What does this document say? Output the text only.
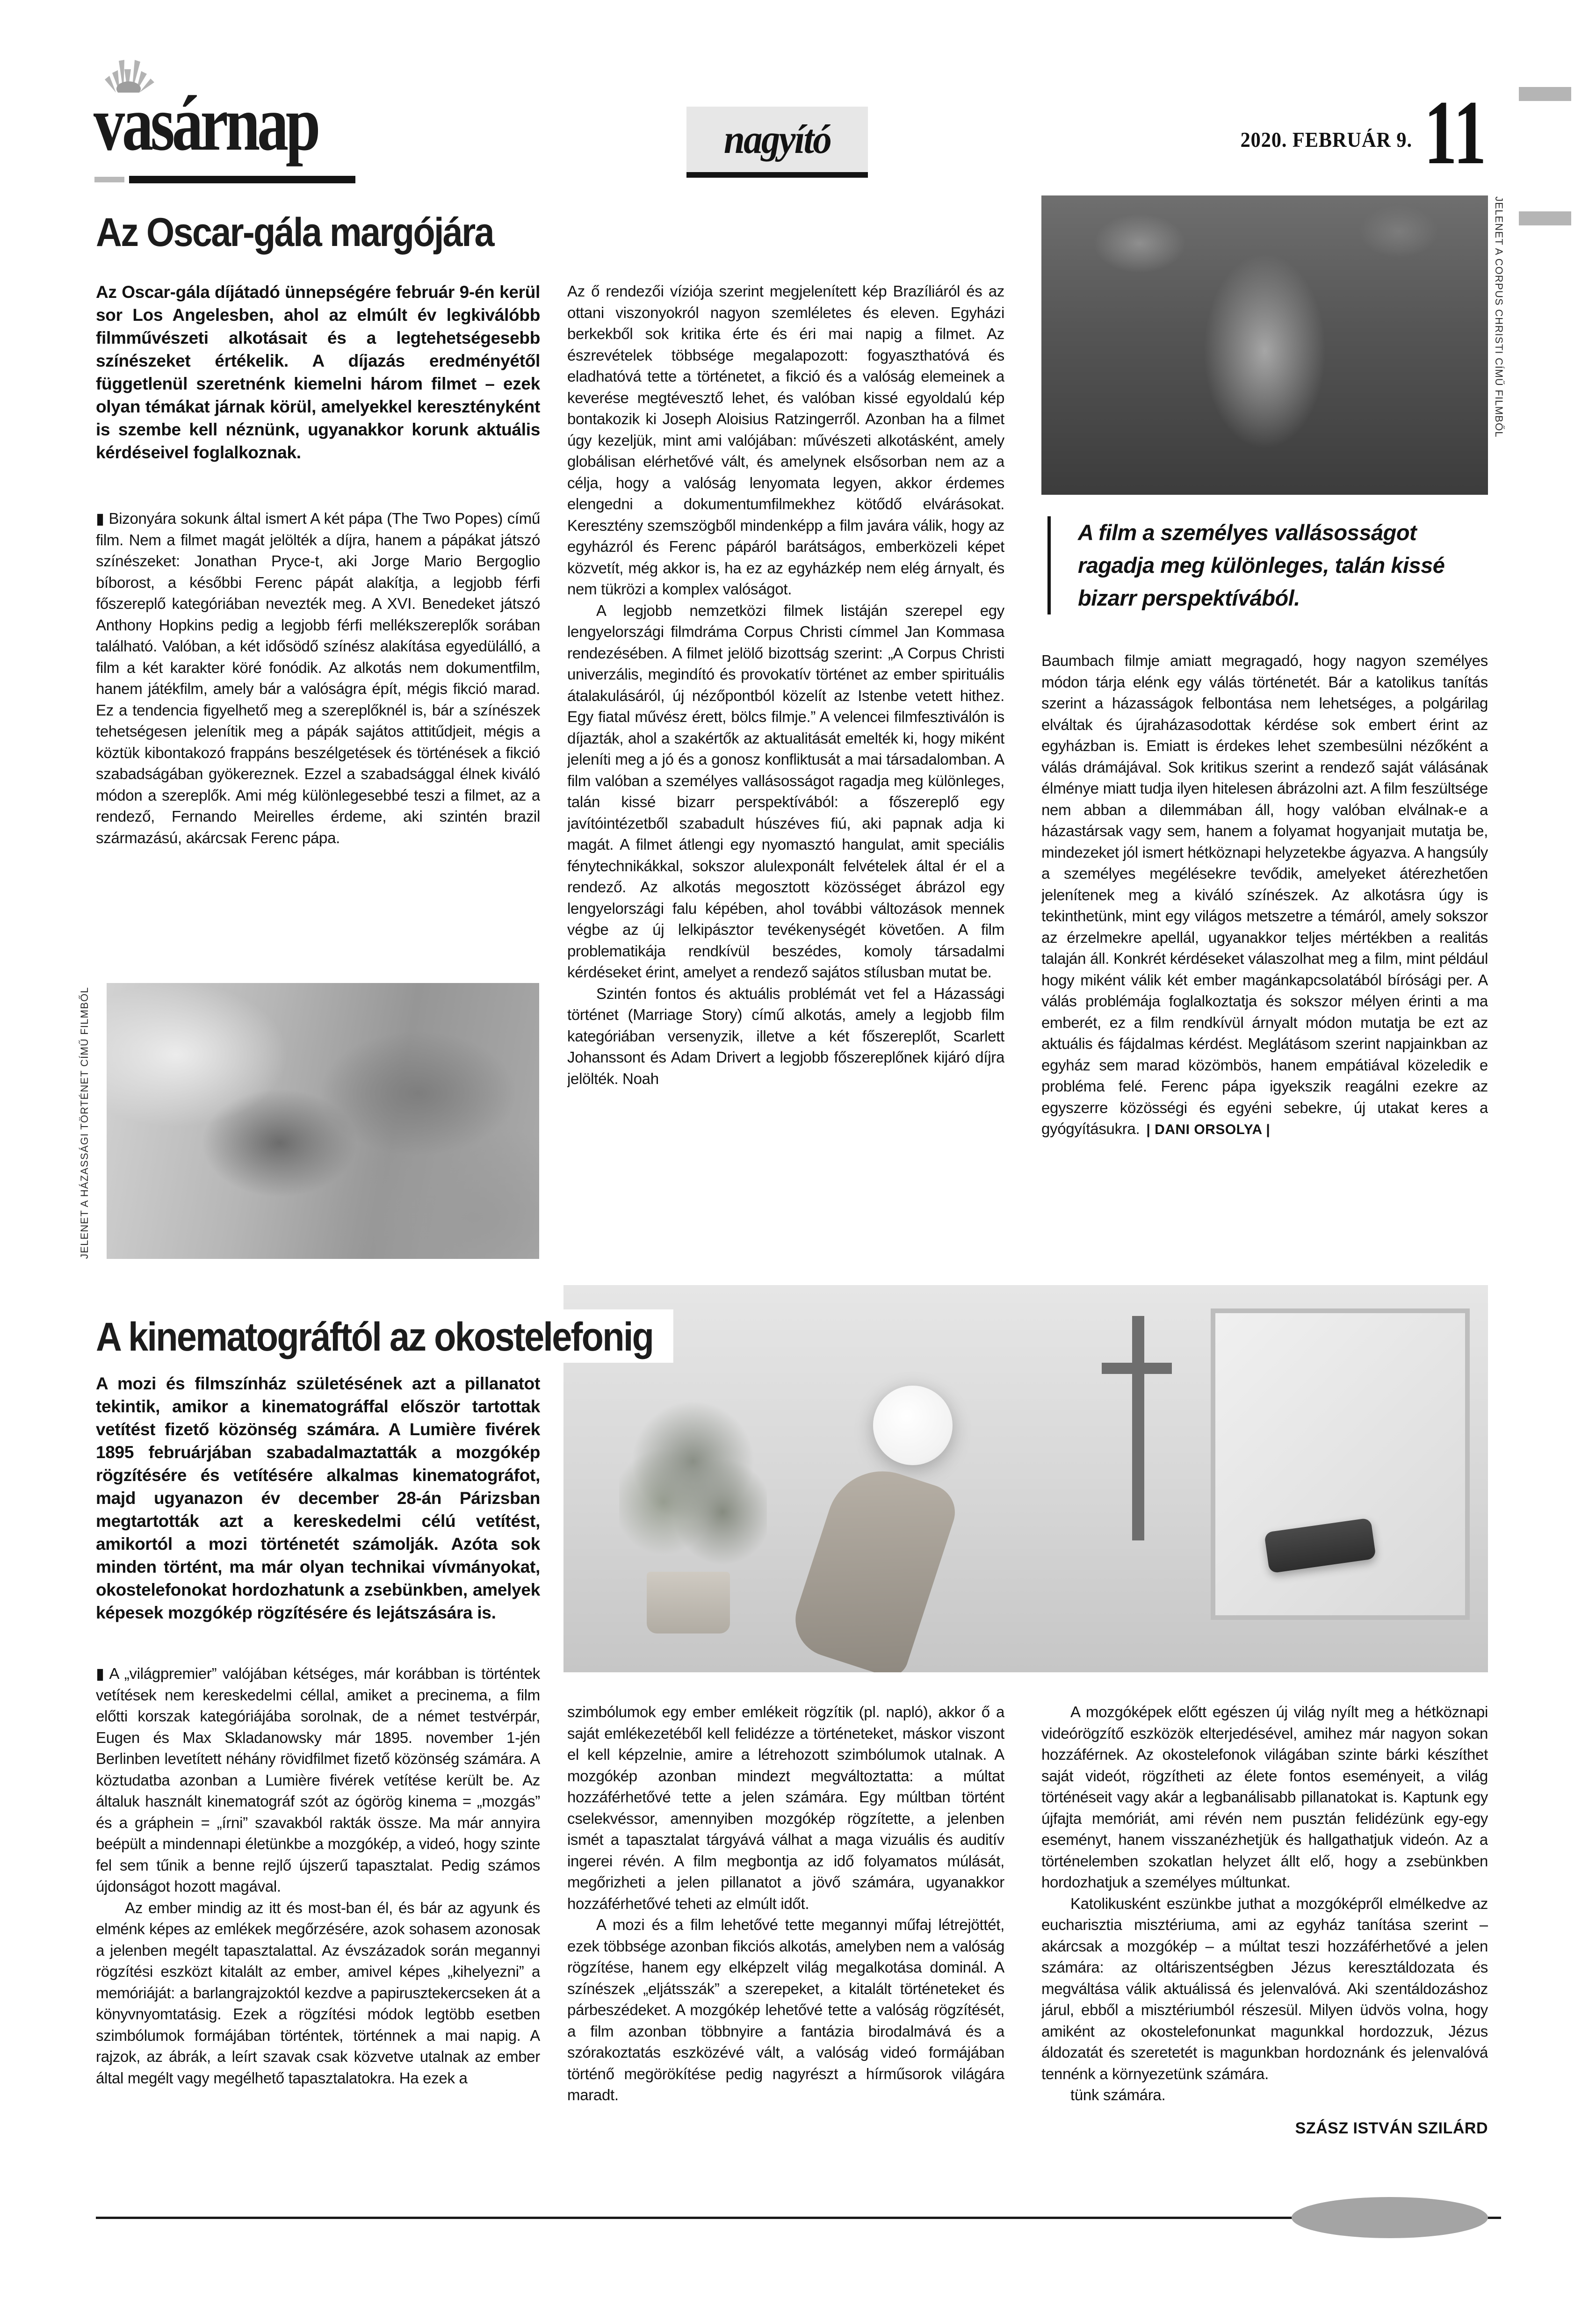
vasárnap	nagyító	2020. FEBRUÁR 9. 11
Az Oscar-gála margójára
Az Oscar-gála díjátadó ünnepségére február 9-én kerül sor Los Angelesben, ahol az elmúlt év legkiválóbb filmművészeti alkotásait és a legtehetségesebb színészeket értékelik. A díjazás eredményétől függetlenül szeretnénk kiemelni három filmet – ezek olyan témákat járnak körül, amelyekkel keresztényként is szembe kell néznünk, ugyanakkor korunk aktuális kérdéseivel foglalkoznak.

▮ Bizonyára sokunk által ismert A két pápa (The Two Popes) című film. Nem a filmet magát jelölték a díjra, hanem a pápákat játszó színészeket: Jonathan Pryce-t, aki Jorge Mario Bergoglio bíborost, a későbbi Ferenc pápát alakítja, a legjobb férfi főszereplő kategóriában nevezték meg. A XVI. Benedeket játszó Anthony Hopkins pedig a legjobb férfi mellékszereplők sorában található. Valóban, a két idősödő színész alakítása egyedülálló, a film a két karakter köré fonódik. Az alkotás nem dokumentfilm, hanem játékfilm, amely bár a valóságra épít, mégis fikció marad. Ez a tendencia figyelhető meg a szereplőknél is, bár a színészek tehetségesen jelenítik meg a pápák sajátos attitűdjeit, mégis a köztük kibontakozó frappáns beszélgetések és történések a fikció szabadságában gyökereznek. Ezzel a szabadsággal élnek kiváló módon a szereplők. Ami még különlegesebbé teszi a filmet, az a rendező, Fernando Meirelles érdeme, aki szintén brazil származású, akárcsak Ferenc pápa.

Az ő rendezői víziója szerint megjelenített kép Brazíliáról és az ottani viszonyokról nagyon szemléletes és eleven. Egyházi berkekből sok kritika érte és éri mai napig a filmet. Az észrevételek többsége megalapozott: fogyaszthatóvá és eladhatóvá tette a történetet, a fikció és a valóság elemeinek a keverése megtévesztő lehet, és valóban kissé egyoldalú kép bontakozik ki Joseph Aloisius Ratzingerről. Azonban ha a filmet úgy kezeljük, mint ami valójában: művészeti alkotásként, amely globálisan elérhetővé vált, és amelynek elsősorban nem az a célja, hogy a valóság lenyomata legyen, akkor érdemes elengedni a dokumentumfilmekhez kötődő elvárásokat. Keresztény szemszögből mindenképp a film javára válik, hogy az egyházról és Ferenc pápáról barátságos, emberközeli képet közvetít, még akkor is, ha ez az egyházkép nem elég árnyalt, és nem tükrözi a komplex valóságot.

A legjobb nemzetközi filmek listáján szerepel egy lengyelországi filmdráma Corpus Christi címmel Jan Kommasa rendezésében. A filmet jelölő bizottság szerint: „A Corpus Christi univerzális, megindító és provokatív történet az ember spirituális átalakulásáról, új nézőpontból közelít az Istenbe vetett hithez. Egy fiatal művész érett, bölcs filmje.” A velencei filmfesztiválón is díjazták, ahol a szakértők az aktualitását emelték ki, hogy miként jeleníti meg a jó és a gonosz konfliktusát a mai társadalomban. A film valóban a személyes vallásosságot ragadja meg különleges, talán kissé bizarr perspektívából: a főszereplő egy javítóintézetből szabadult húszéves fiú, aki papnak adja ki magát. A filmet átlengi egy nyomasztó hangulat, amit speciális fénytechnikákkal, sokszor alulexponált felvételek által ér el a rendező. Az alkotás megosztott közösséget ábrázol egy lengyelországi falu képében, ahol további változások mennek végbe az új lelkipásztor tevékenységét követően. A film problematikája rendkívül beszédes, komoly társadalmi kérdéseket érint, amelyet a rendező sajátos stílusban mutat be.

Szintén fontos és aktuális problémát vet fel a Házassági történet (Marriage Story) című alkotás, amely a legjobb film kategóriában versenyzik, illetve a két főszereplőt, Scarlett Johanssont és Adam Drivert a legjobb főszereplőnek kijáró díjra jelölték. Noah

JELENET A CORPUS CHRISTI CÍMŰ FILMBŐL
A film a személyes vallásosságot ragadja meg különleges, talán kissé bizarr perspektívából.

Baumbach filmje amiatt megragadó, hogy nagyon személyes módon tárja elénk egy válás történetét. Bár a katolikus tanítás szerint a házasságok felbontása nem lehetséges, a polgárilag elváltak és újraházasodottak kérdése sok embert érint az egyházban is. Emiatt is érdekes lehet szembesülni nézőként a válás drámájával. Sok kritikus szerint a rendező saját válásának élménye miatt tudja ilyen hitelesen ábrázolni azt. A film feszültsége nem abban a dilemmában áll, hogy valóban elválnak-e a házastársak vagy sem, hanem a folyamat hogyanjait mutatja be, mindezeket jól ismert hétköznapi helyzetekbe ágyazva. A hangsúly a személyes megélésekre tevődik, amelyeket átérezhetően jelenítenek meg a kiváló színészek. Az alkotásra úgy is tekinthetünk, mint egy világos metszetre a témáról, amely sokszor az érzelmekre apellál, ugyanakkor teljes mértékben a realitás talaján áll. Konkrét kérdéseket válaszolhat meg a film, mint például hogy miként válik két ember magánkapcsolatából bírósági per. A válás problémája foglalkoztatja és sokszor mélyen érinti a ma emberét, ez a film rendkívül árnyalt módon mutatja be ezt az aktuális és fájdalmas kérdést. Meglátásom szerint napjainkban az egyház sem marad közömbös, hanem empátiával közeledik e probléma felé. Ferenc pápa igyekszik reagálni ezekre az egyszerre közösségi és egyéni sebekre, új utakat keres a gyógyításukra. | DANI ORSOLYA |

JELENET A HÁZASSÁGI TÖRTÉNET CÍMŰ FILMBŐL
A kinematográftól az okostelefonig
A mozi és filmszínház születésének azt a pillanatot tekintik, amikor a kinematográffal először tartottak vetítést fizető közönség számára. A Lumière fivérek 1895 februárjában szabadalmaztatták a mozgókép rögzítésére és vetítésére alkalmas kinematográfot, majd ugyanazon év december 28-án Párizsban megtartották azt a kereskedelmi célú vetítést, amikortól a mozi történetét számolják. Azóta sok minden történt, ma már olyan technikai vívmányokat, okostelefonokat hordozhatunk a zsebünkben, amelyek képesek mozgókép rögzítésére és lejátszására is.

▮ A „világpremier” valójában kétséges, már korábban is történtek vetítések nem kereskedelmi céllal, amiket a precinema, a film előtti korszak kategóriájába sorolnak, de a német testvérpár, Eugen és Max Skladanowsky már 1895. november 1-jén Berlinben levetített néhány rövidfilmet fizető közönség számára. A köztudatba azonban a Lumière fivérek vetítése került be. Az általuk használt kinematográf szót az ógörög kinema = „mozgás” és a gráphein = „írni” szavakból rakták össze. Ma már annyira beépült a mindennapi életünkbe a mozgókép, a videó, hogy szinte fel sem tűnik a benne rejlő újszerű tapasztalat. Pedig számos újdonságot hozott magával.

Az ember mindig az itt és most-ban él, és bár az agyunk és elménk képes az emlékek megőrzésére, azok sohasem azonosak a jelenben megélt tapasztalattal. Az évszázadok során megannyi rögzítési eszközt kitalált az ember, amivel képes „kihelyezni” a memóriáját: a barlangrajzoktól kezdve a papirusztekercseken át a könyvnyomtatásig. Ezek a rögzítési módok legtöbb esetben szimbólumok formájában történtek, történnek a mai napig. A rajzok, az ábrák, a leírt szavak csak közvetve utalnak az ember által megélt vagy megélhető tapasztalatokra. Ha ezek a

szimbólumok egy ember emlékeit rögzítik (pl. napló), akkor ő a saját emlékezetéből kell felidézze a történeteket, máskor viszont el kell képzelnie, amire a létrehozott szimbólumok utalnak. A mozgókép azonban mindezt megváltoztatta: a múltat hozzáférhetővé tette a jelen számára. Egy múltban történt cselekvéssor, amennyiben mozgókép rögzítette, a jelenben ismét a tapasztalat tárgyává válhat a maga vizuális és auditív ingerei révén. A film megbontja az idő folyamatos múlását, megőrizheti a jelen pillanatot a jövő számára, ugyanakkor hozzáférhetővé teheti az elmúlt időt.

A mozi és a film lehetővé tette megannyi műfaj létrejöttét, ezek többsége azonban fikciós alkotás, amelyben nem a valóság rögzítése, hanem egy elképzelt világ megalkotása dominál. A színészek „eljátsszák” a szerepeket, a kitalált történeteket és párbeszédeket. A mozgókép lehetővé tette a valóság rögzítését, a film azonban többnyire a fantázia birodalmává és a szórakoztatás eszközévé vált, a valóság videó formájában történő megörökítése pedig nagyrészt a hírműsorok világára maradt.

A mozgóképek előtt egészen új világ nyílt meg a hétköznapi videórögzítő eszközök elterjedésével, amihez már nagyon sokan hozzáférnek. Az okostelefonok világában szinte bárki készíthet saját videót, rögzítheti az élete fontos eseményeit, a világ történéseit vagy akár a legbanálisabb pillanatokat is. Kaptunk egy újfajta memóriát, ami révén nem pusztán felidézünk egy-egy eseményt, hanem visszanézhetjük és hallgathatjuk videón. Az a történelemben szokatlan helyzet állt elő, hogy a zsebünkben hordozhatjuk a személyes múltunkat.

Katolikusként eszünkbe juthat a mozgóképről elmélkedve az eucharisztia misztériuma, ami az egyház tanítása szerint – akárcsak a mozgókép – a múltat teszi hozzáférhetővé a jelen számára: az oltáriszentségben Jézus keresztáldozata és megváltása válik aktuálissá és jelenvalóvá. Aki szentáldozáshoz járul, ebből a misztériumból részesül. Milyen üdvös volna, hogy amiként az okostelefonunkat magunkkal hordozzuk, Jézus áldozatát és szeretetét is magunkban hordoznánk és jelenvalóvá tennénk a környezetünk számára.

tünk számára.

SZÁSZ ISTVÁN SZILÁRD
